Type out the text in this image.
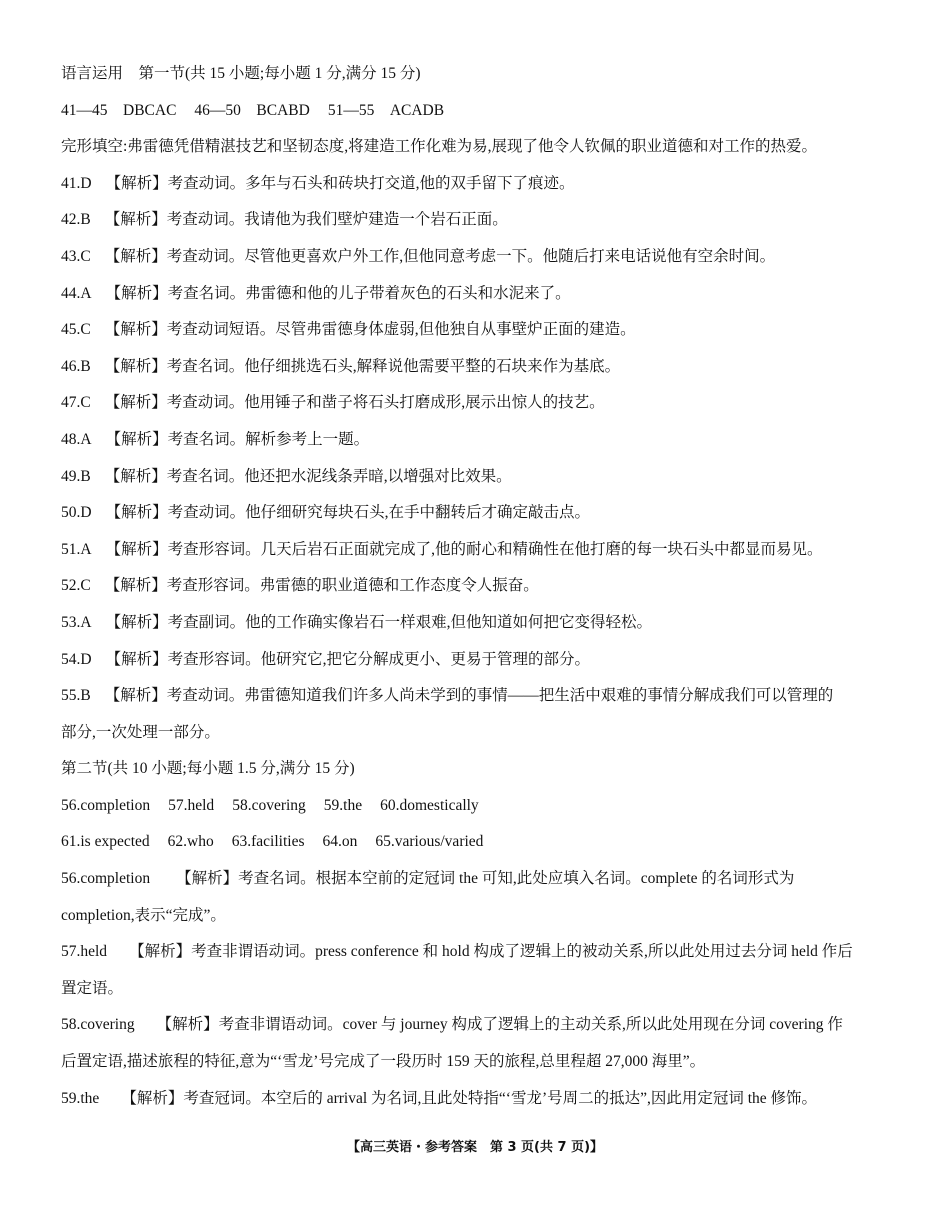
语言运用　第一节(共 15 小题;每小题 1 分,满分 15 分)
41—45　DBCAC 46—50　BCABD 51—55　ACADB
完形填空:弗雷德凭借精湛技艺和坚韧态度,将建造工作化难为易,展现了他令人钦佩的职业道德和对工作的热爱。
41.D 【解析】考查动词。多年与石头和砖块打交道,他的双手留下了痕迹。
42.B 【解析】考查动词。我请他为我们壁炉建造一个岩石正面。
43.C 【解析】考查动词。尽管他更喜欢户外工作,但他同意考虑一下。他随后打来电话说他有空余时间。
44.A 【解析】考查名词。弗雷德和他的儿子带着灰色的石头和水泥来了。
45.C 【解析】考查动词短语。尽管弗雷德身体虚弱,但他独自从事壁炉正面的建造。
46.B 【解析】考查名词。他仔细挑选石头,解释说他需要平整的石块来作为基底。
47.C 【解析】考查动词。他用锤子和凿子将石头打磨成形,展示出惊人的技艺。
48.A 【解析】考查名词。解析参考上一题。
49.B 【解析】考查名词。他还把水泥线条弄暗,以增强对比效果。
50.D 【解析】考查动词。他仔细研究每块石头,在手中翻转后才确定敲击点。
51.A 【解析】考查形容词。几天后岩石正面就完成了,他的耐心和精确性在他打磨的每一块石头中都显而易见。
52.C 【解析】考查形容词。弗雷德的职业道德和工作态度令人振奋。
53.A 【解析】考查副词。他的工作确实像岩石一样艰难,但他知道如何把它变得轻松。
54.D 【解析】考查形容词。他研究它,把它分解成更小、更易于管理的部分。
55.B 【解析】考查动词。弗雷德知道我们许多人尚未学到的事情——把生活中艰难的事情分解成我们可以管理的
部分,一次处理一部分。
第二节(共 10 小题;每小题 1.5 分,满分 15 分)
56.completion 57.held 58.covering 59.the 60.domestically
61.is expected 62.who 63.facilities 64.on 65.various/varied
56.completion 【解析】考查名词。根据本空前的定冠词 the 可知,此处应填入名词。complete 的名词形式为
completion,表示“完成”。
57.held 【解析】考查非谓语动词。press conference 和 hold 构成了逻辑上的被动关系,所以此处用过去分词 held 作后
置定语。
58.covering 【解析】考查非谓语动词。cover 与 journey 构成了逻辑上的主动关系,所以此处用现在分词 covering 作
后置定语,描述旅程的特征,意为“‘雪龙’号完成了一段历时 159 天的旅程,总里程超 27,000 海里”。
59.the 【解析】考查冠词。本空后的 arrival 为名词,且此处特指“‘雪龙’号周二的抵达”,因此用定冠词 the 修饰。
【高三英语・参考答案　第 3 页(共 7 页)】
